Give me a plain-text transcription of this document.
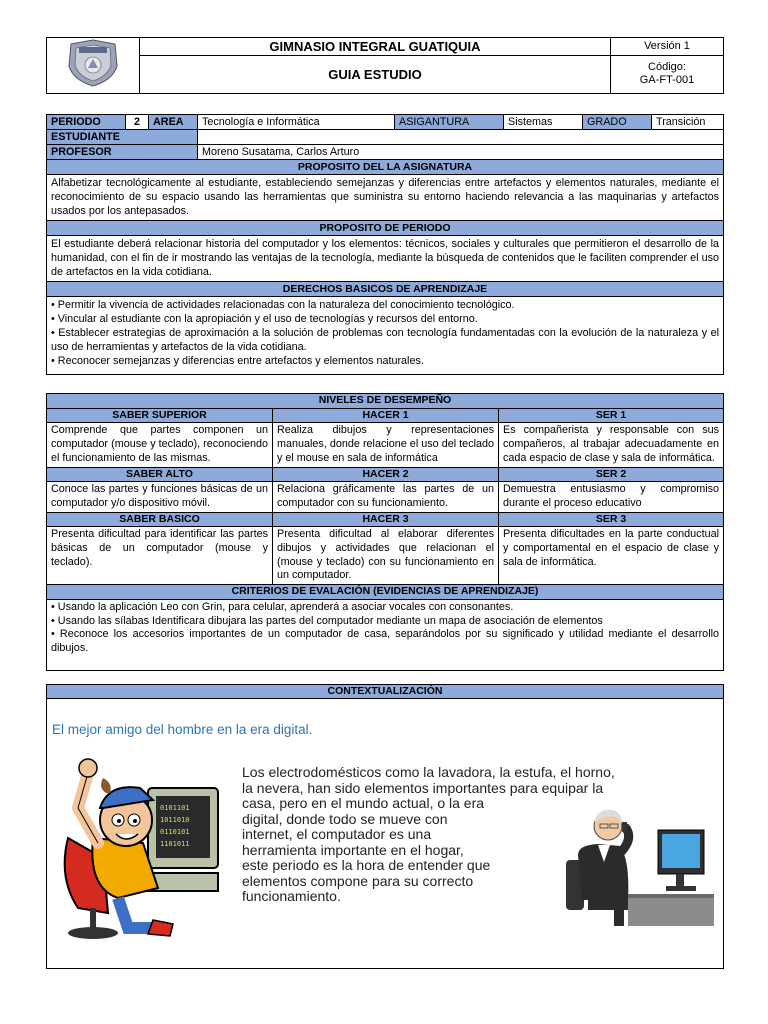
	GIMNASIO INTEGRAL GUATIQUIA	Versión 1
	GUIA ESTUDIO	Código:
GA-FT-001
PERIODO	2	AREA	Tecnología e Informática	ASIGANTURA	Sistemas	GRADO	Transición
ESTUDIANTE							
PROFESOR			Moreno Susatama, Carlos Arturo				
PROPOSITO DEL LA ASIGNATURA							
Alfabetizar tecnológicamente al estudiante, estableciendo semejanzas y diferencias entre artefactos y elementos naturales, mediante el reconocimiento de su espacio usando las herramientas que suministra su entorno haciendo relevancia a las maquinarias y artefactos usados por los antepasados.							
PROPOSITO DE PERIODO							
El estudiante deberá relacionar historia del computador y los elementos: técnicos, sociales y culturales que permitieron el desarrollo de la humanidad, con el fin de ir mostrando las ventajas de la tecnología, mediante la búsqueda de contenidos que le faciliten comprender el uso de artefactos en la vida cotidiana.							
DERECHOS BASICOS DE APRENDIZAJE							

• Permitir la vivencia de actividades relacionadas con la naturaleza del conocimiento tecnológico.
• Vincular al estudiante con la apropiación y el uso de tecnologías y recursos del entorno.
• Establecer estrategias de aproximación a la solución de problemas con tecnología fundamentadas con la evolución de la naturaleza y el uso de herramientas y artefactos de la vida cotidiana.
• Reconocer semejanzas y diferencias entre artefactos y elementos naturales.							
NIVELES DE DESEMPEÑO		
SABER SUPERIOR	HACER 1	SER 1
Comprende que partes componen un computador (mouse y teclado), reconociendo el funcionamiento de las mismas.	Realiza dibujos y representaciones manuales, donde relacione el uso del teclado y el mouse en sala de informática	Es compañerista y responsable con sus compañeros, al trabajar adecuadamente en cada espacio de clase y sala de informática.
SABER ALTO	HACER 2	SER 2
Conoce las partes y funciones básicas de un computador y/o dispositivo móvil.	Relaciona gráficamente las partes de un computador con su funcionamiento.	Demuestra entusiasmo y compromiso durante el proceso educativo
SABER BASICO	HACER 3	SER 3
Presenta dificultad para identificar las partes básicas de un computador (mouse y teclado).	Presenta dificultad al elaborar diferentes dibujos y actividades que relacionan el (mouse y teclado) con su funcionamiento en un computador.	Presenta dificultades en la parte conductual y comportamental en el espacio de clase y sala de informática.
CRITERIOS DE EVALACIÓN (EVIDENCIAS DE APRENDIZAJE)		

• Usando la aplicación Leo con Grin, para celular, aprenderá a asociar vocales con consonantes.
• Usando las sílabas Identificara dibujara las partes del computador mediante un mapa de asociación de elementos
• Reconoce los accesorios importantes de un computador de casa, separándolos por su significado y utilidad mediante el desarrollo dibujos.		
CONTEXTUALIZACIÓN
El mejor amigo del hombre en la era digital.
0101101
1011010
0110101
1101011
Los electrodomésticos como la lavadora, la estufa, el horno,
la nevera, han sido elementos importantes para equipar la
casa, pero en el mundo actual, o la era
digital, donde todo se mueve con
internet, el computador es una
herramienta importante en el hogar,
este periodo es la hora de entender que
elementos compone para su correcto
funcionamiento.
